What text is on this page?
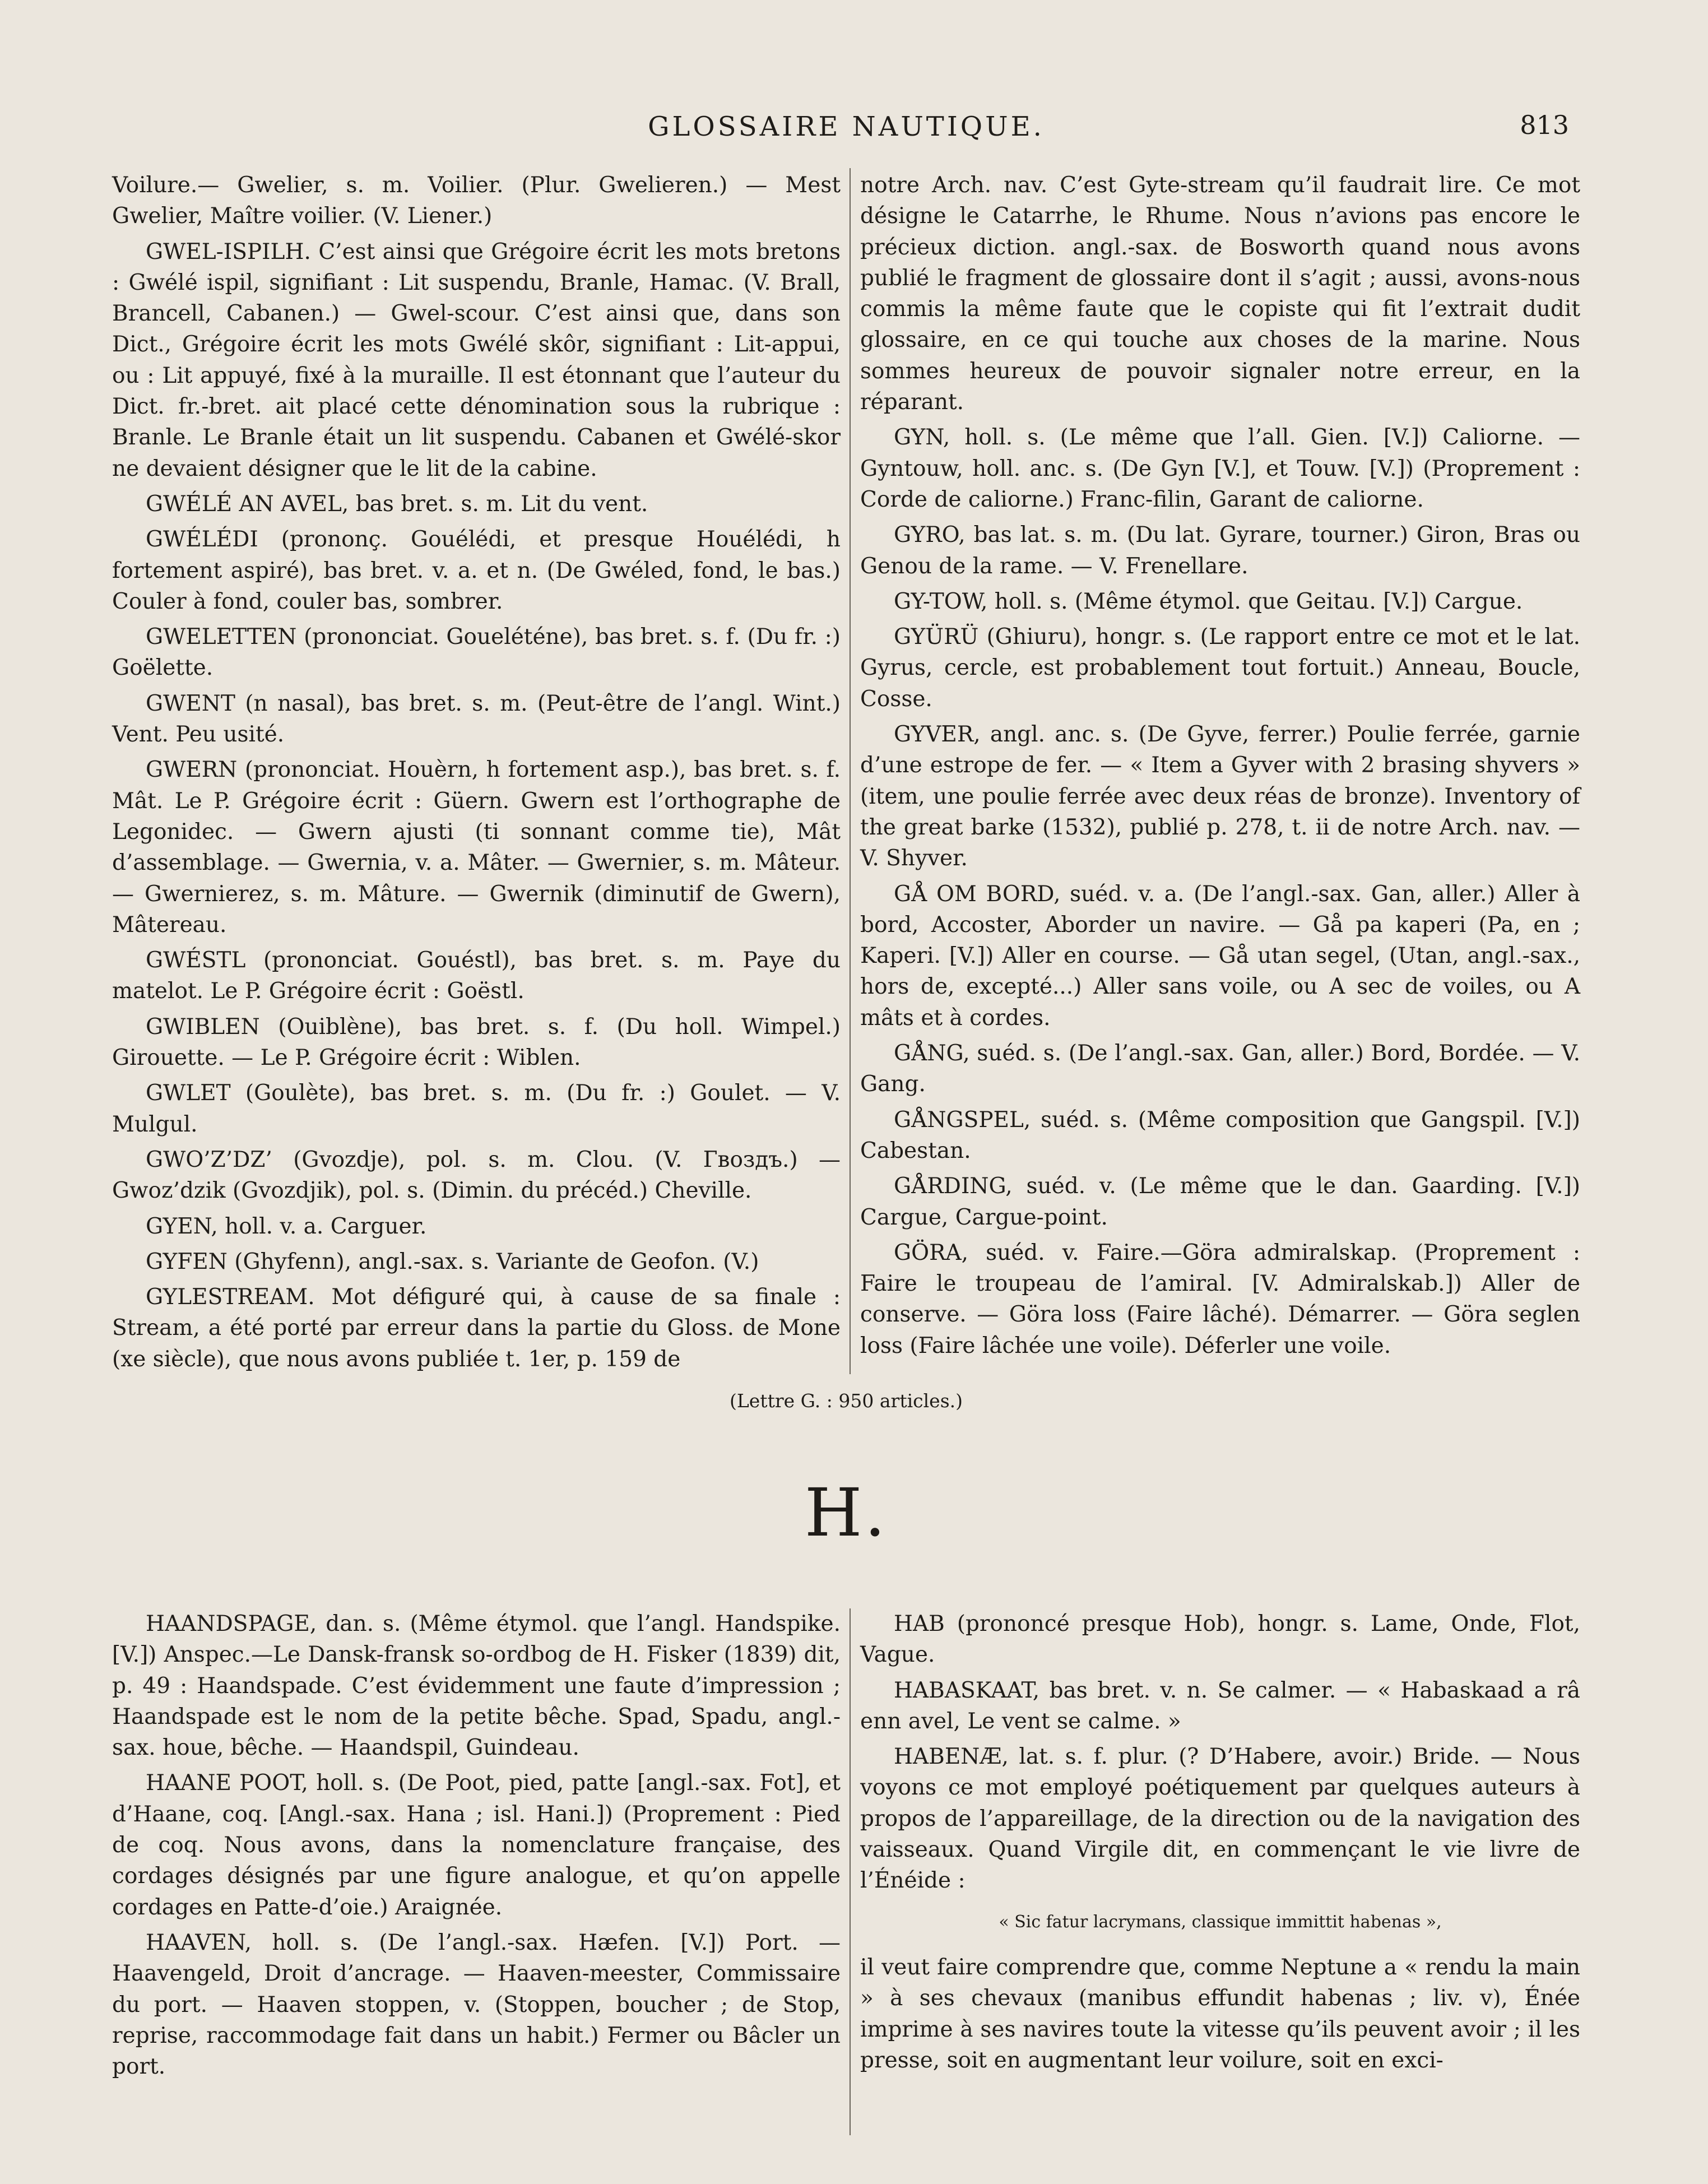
GLOSSAIRE NAUTIQUE.	813

Voilure.— Gwelier, s. m. Voilier. (Plur. Gwelieren.) — Mest Gwelier, Maître voilier. (V. Liener.)

GWEL-ISPILH. C’est ainsi que Grégoire écrit les mots bretons : Gwélé ispil, signifiant : Lit suspendu, Branle, Hamac. (V. Brall, Brancell, Cabanen.) — Gwel-scour. C’est ainsi que, dans son Dict., Grégoire écrit les mots Gwélé skôr, signifiant : Lit-appui, ou : Lit appuyé, fixé à la muraille. Il est étonnant que l’auteur du Dict. fr.-bret. ait placé cette dénomination sous la rubrique : Branle. Le Branle était un lit suspendu. Cabanen et Gwélé-skor ne devaient désigner que le lit de la cabine.

GWÉLÉ AN AVEL, bas bret. s. m. Lit du vent.

GWÉLÉDI (prononç. Gouélédi, et presque Houélédi, h fortement aspiré), bas bret. v. a. et n. (De Gwéled, fond, le bas.) Couler à fond, couler bas, sombrer.

GWELETTEN (prononciat. Goueléténe), bas bret. s. f. (Du fr. :) Goëlette.

GWENT (n nasal), bas bret. s. m. (Peut-être de l’angl. Wint.) Vent. Peu usité.

GWERN (prononciat. Houèrn, h fortement asp.), bas bret. s. f. Mât. Le P. Grégoire écrit : Güern. Gwern est l’orthographe de Legonidec. — Gwern ajusti (ti sonnant comme tie), Mât d’assemblage. — Gwernia, v. a. Mâter. — Gwernier, s. m. Mâteur. — Gwernierez, s. m. Mâture. — Gwernik (diminutif de Gwern), Mâtereau.

GWÉSTL (prononciat. Gouéstl), bas bret. s. m. Paye du matelot. Le P. Grégoire écrit : Goëstl.

GWIBLEN (Ouiblène), bas bret. s. f. (Du holl. Wimpel.) Girouette. — Le P. Grégoire écrit : Wiblen.

GWLET (Goulète), bas bret. s. m. (Du fr. :) Goulet. — V. Mulgul.

GWO’Z’DZ’ (Gvozdje), pol. s. m. Clou. (V. Гвоздъ.) — Gwoz’dzik (Gvozdjik), pol. s. (Dimin. du précéd.) Cheville.

GYEN, holl. v. a. Carguer.

GYFEN (Ghyfenn), angl.-sax. s. Variante de Geofon. (V.)

GYLESTREAM. Mot défiguré qui, à cause de sa finale : Stream, a été porté par erreur dans la partie du Gloss. de Mone (xe siècle), que nous avons publiée t. 1er, p. 159 de

notre Arch. nav. C’est Gyte-stream qu’il faudrait lire. Ce mot désigne le Catarrhe, le Rhume. Nous n’avions pas encore le précieux diction. angl.-sax. de Bosworth quand nous avons publié le fragment de glossaire dont il s’agit ; aussi, avons-nous commis la même faute que le copiste qui fit l’extrait dudit glossaire, en ce qui touche aux choses de la marine. Nous sommes heureux de pouvoir signaler notre erreur, en la réparant.

GYN, holl. s. (Le même que l’all. Gien. [V.]) Caliorne. — Gyntouw, holl. anc. s. (De Gyn [V.], et Touw. [V.]) (Proprement : Corde de caliorne.) Franc-filin, Garant de caliorne.

GYRO, bas lat. s. m. (Du lat. Gyrare, tourner.) Giron, Bras ou Genou de la rame. — V. Frenellare.

GY-TOW, holl. s. (Même étymol. que Geitau. [V.]) Cargue.

GYÜRÜ (Ghiuru), hongr. s. (Le rapport entre ce mot et le lat. Gyrus, cercle, est probablement tout fortuit.) Anneau, Boucle, Cosse.

GYVER, angl. anc. s. (De Gyve, ferrer.) Poulie ferrée, garnie d’une estrope de fer. — « Item a Gyver with 2 brasing shyvers » (item, une poulie ferrée avec deux réas de bronze). Inventory of the great barke (1532), publié p. 278, t. ii de notre Arch. nav. — V. Shyver.

GÅ OM BORD, suéd. v. a. (De l’angl.-sax. Gan, aller.) Aller à bord, Accoster, Aborder un navire. — Gå pa kaperi (Pa, en ; Kaperi. [V.]) Aller en course. — Gå utan segel, (Utan, angl.-sax., hors de, excepté...) Aller sans voile, ou A sec de voiles, ou A mâts et à cordes.

GÅNG, suéd. s. (De l’angl.-sax. Gan, aller.) Bord, Bordée. — V. Gang.

GÅNGSPEL, suéd. s. (Même composition que Gangspil. [V.]) Cabestan.

GÅRDING, suéd. v. (Le même que le dan. Gaarding. [V.]) Cargue, Cargue-point.

GÖRA, suéd. v. Faire.—Göra admiralskap. (Proprement : Faire le troupeau de l’amiral. [V. Admiralskab.]) Aller de conserve. — Göra loss (Faire lâché). Démarrer. — Göra seglen loss (Faire lâchée une voile). Déferler une voile.

(Lettre G. : 950 articles.)
H.

HAANDSPAGE, dan. s. (Même étymol. que l’angl. Handspike. [V.]) Anspec.—Le Dansk-fransk so-ordbog de H. Fisker (1839) dit, p. 49 : Haandspade. C’est évidemment une faute d’impression ; Haandspade est le nom de la petite bêche. Spad, Spadu, angl.-sax. houe, bêche. — Haandspil, Guindeau.

HAANE POOT, holl. s. (De Poot, pied, patte [angl.-sax. Fot], et d’Haane, coq. [Angl.-sax. Hana ; isl. Hani.]) (Proprement : Pied de coq. Nous avons, dans la nomenclature française, des cordages désignés par une figure analogue, et qu’on appelle cordages en Patte-d’oie.) Araignée.

HAAVEN, holl. s. (De l’angl.-sax. Hæfen. [V.]) Port. — Haavengeld, Droit d’ancrage. — Haaven-meester, Commissaire du port. — Haaven stoppen, v. (Stoppen, boucher ; de Stop, reprise, raccommodage fait dans un habit.) Fermer ou Bâcler un port.

HAB (prononcé presque Hob), hongr. s. Lame, Onde, Flot, Vague.

HABASKAAT, bas bret. v. n. Se calmer. — « Habaskaad a râ enn avel, Le vent se calme. »

HABENÆ, lat. s. f. plur. (? D’Habere, avoir.) Bride. — Nous voyons ce mot employé poétiquement par quelques auteurs à propos de l’appareillage, de la direction ou de la navigation des vaisseaux. Quand Virgile dit, en commençant le vie livre de l’Énéide :

« Sic fatur lacrymans, classique immittit habenas »,

il veut faire comprendre que, comme Neptune a « rendu la main » à ses chevaux (manibus effundit habenas ; liv. v), Énée imprime à ses navires toute la vitesse qu’ils peuvent avoir ; il les presse, soit en augmentant leur voilure, soit en exci-
